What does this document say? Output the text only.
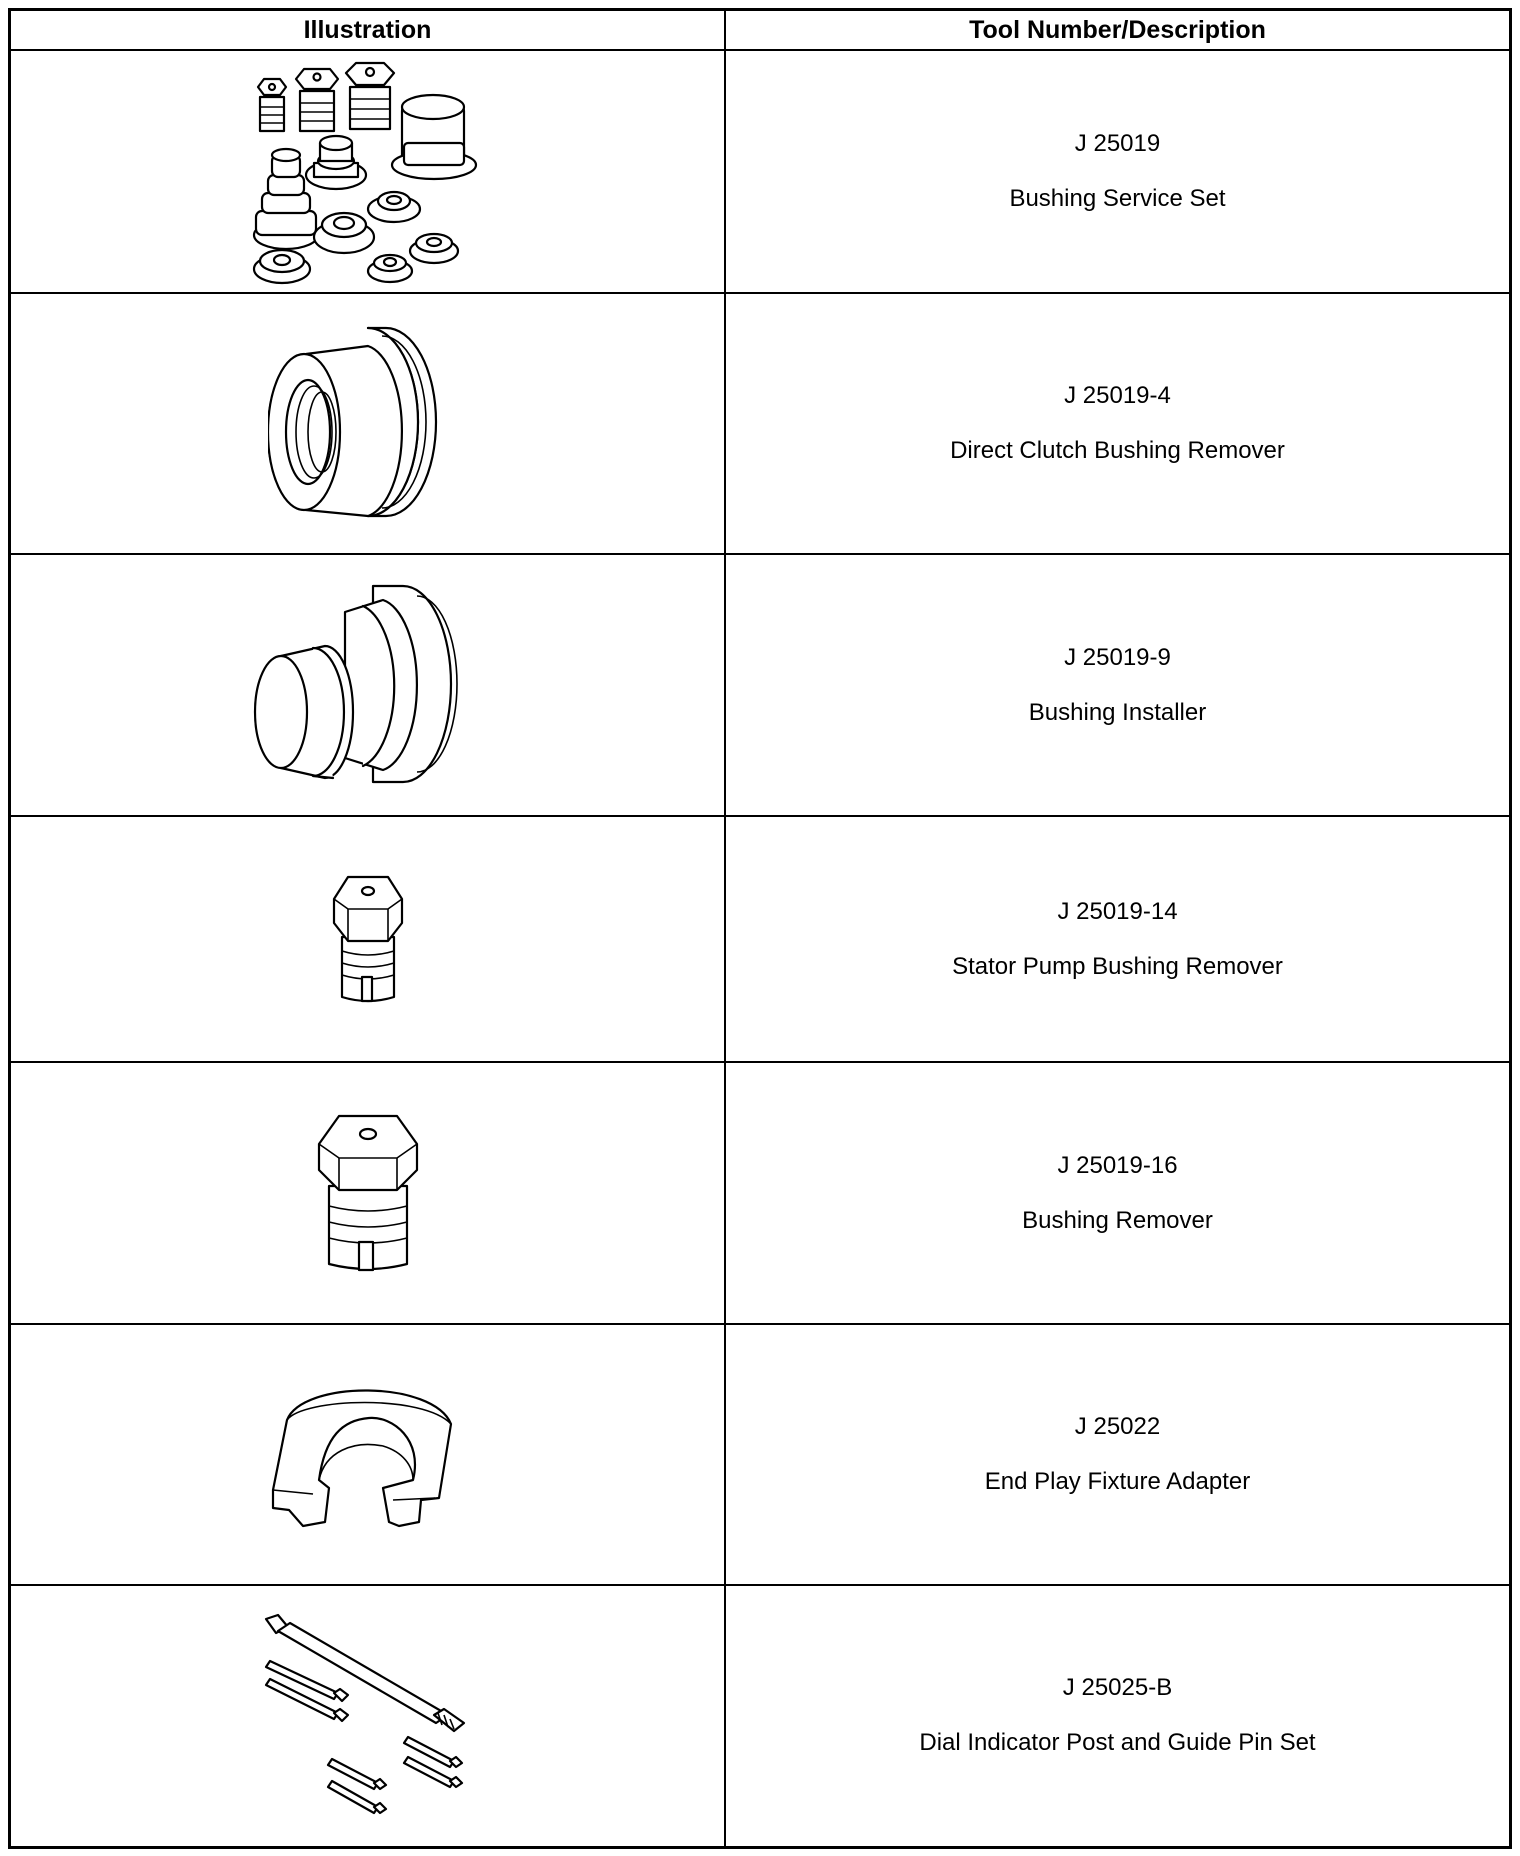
Illustration	Tool Number/Description

J 25019
Bushing Service Set

J 25019-4
Direct Clutch Bushing Remover

J 25019-9
Bushing Installer

J 25019-14
Stator Pump Bushing Remover

J 25019-16
Bushing Remover

J 25022
End Play Fixture Adapter

J 25025-B
Dial Indicator Post and Guide Pin Set
